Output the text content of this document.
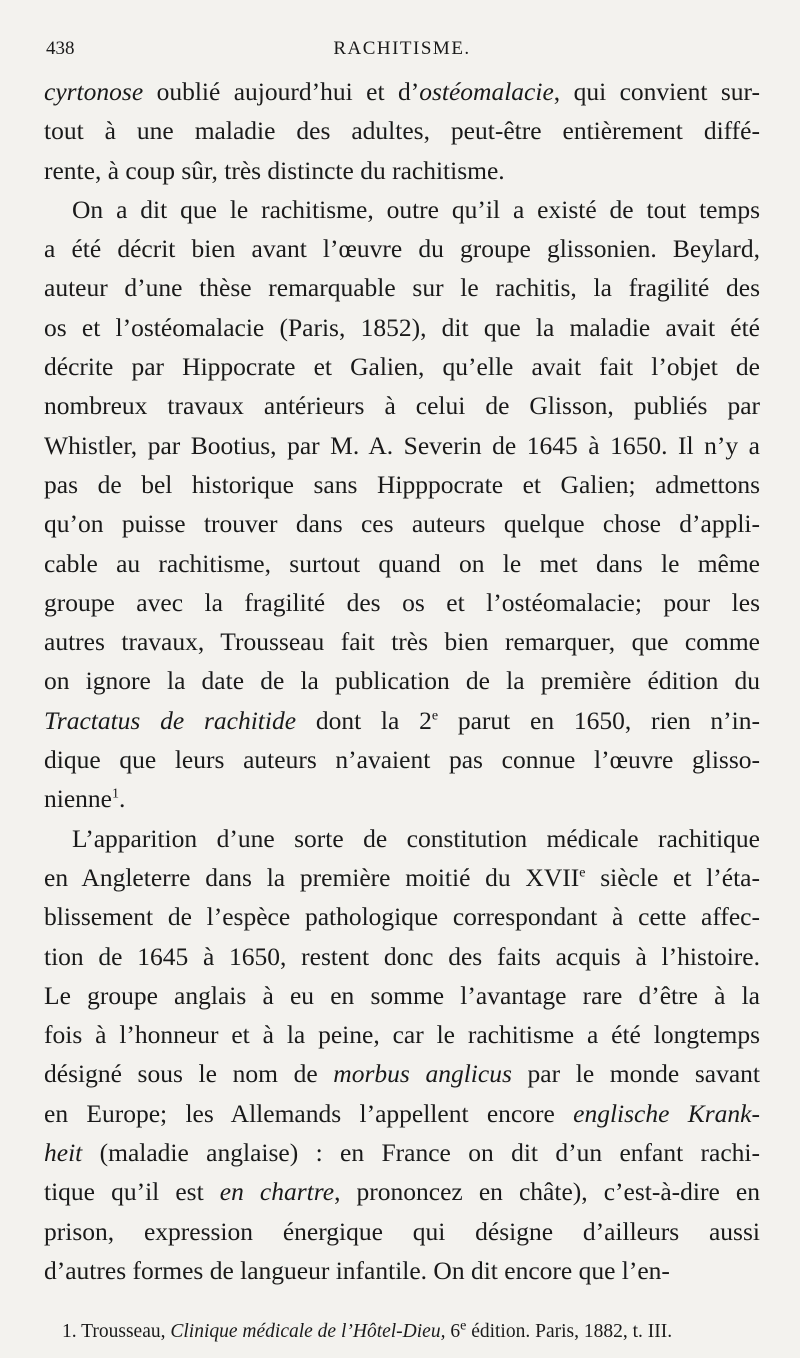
438	RACHITISME.
cyrtonose oublié aujourd’hui et d’ostéomalacie, qui convient sur-
tout à une maladie des adultes, peut-être entièrement diffé-
rente, à coup sûr, très distincte du rachitisme.
On a dit que le rachitisme, outre qu’il a existé de tout temps
a été décrit bien avant l’œuvre du groupe glissonien. Beylard,
auteur d’une thèse remarquable sur le rachitis, la fragilité des
os et l’ostéomalacie (Paris, 1852), dit que la maladie avait été
décrite par Hippocrate et Galien, qu’elle avait fait l’objet de
nombreux travaux antérieurs à celui de Glisson, publiés par
Whistler, par Bootius, par M. A. Severin de 1645 à 1650. Il n’y a
pas de bel historique sans Hipppocrate et Galien; admettons
qu’on puisse trouver dans ces auteurs quelque chose d’appli-
cable au rachitisme, surtout quand on le met dans le même
groupe avec la fragilité des os et l’ostéomalacie; pour les
autres travaux, Trousseau fait très bien remarquer, que comme
on ignore la date de la publication de la première édition du
Tractatus de rachitide dont la 2e parut en 1650, rien n’in-
dique que leurs auteurs n’avaient pas connue l’œuvre glisso-
nienne$^1$.
L’apparition d’une sorte de constitution médicale rachitique
en Angleterre dans la première moitié du XVIIe siècle et l’éta-
blissement de l’espèce pathologique correspondant à cette affec-
tion de 1645 à 1650, restent donc des faits acquis à l’histoire.
Le groupe anglais à eu en somme l’avantage rare d’être à la
fois à l’honneur et à la peine, car le rachitisme a été longtemps
désigné sous le nom de morbus anglicus par le monde savant
en Europe; les Allemands l’appellent encore englische Krank-
heit (maladie anglaise) : en France on dit d’un enfant rachi-
tique qu’il est en chartre, prononcez en châte), c’est-à-dire en
prison, expression énergique qui désigne d’ailleurs aussi
d’autres formes de langueur infantile. On dit encore que l’en-
1. Trousseau, Clinique médicale de l’Hôtel-Dieu, 6e édition. Paris, 1882, t. III.
